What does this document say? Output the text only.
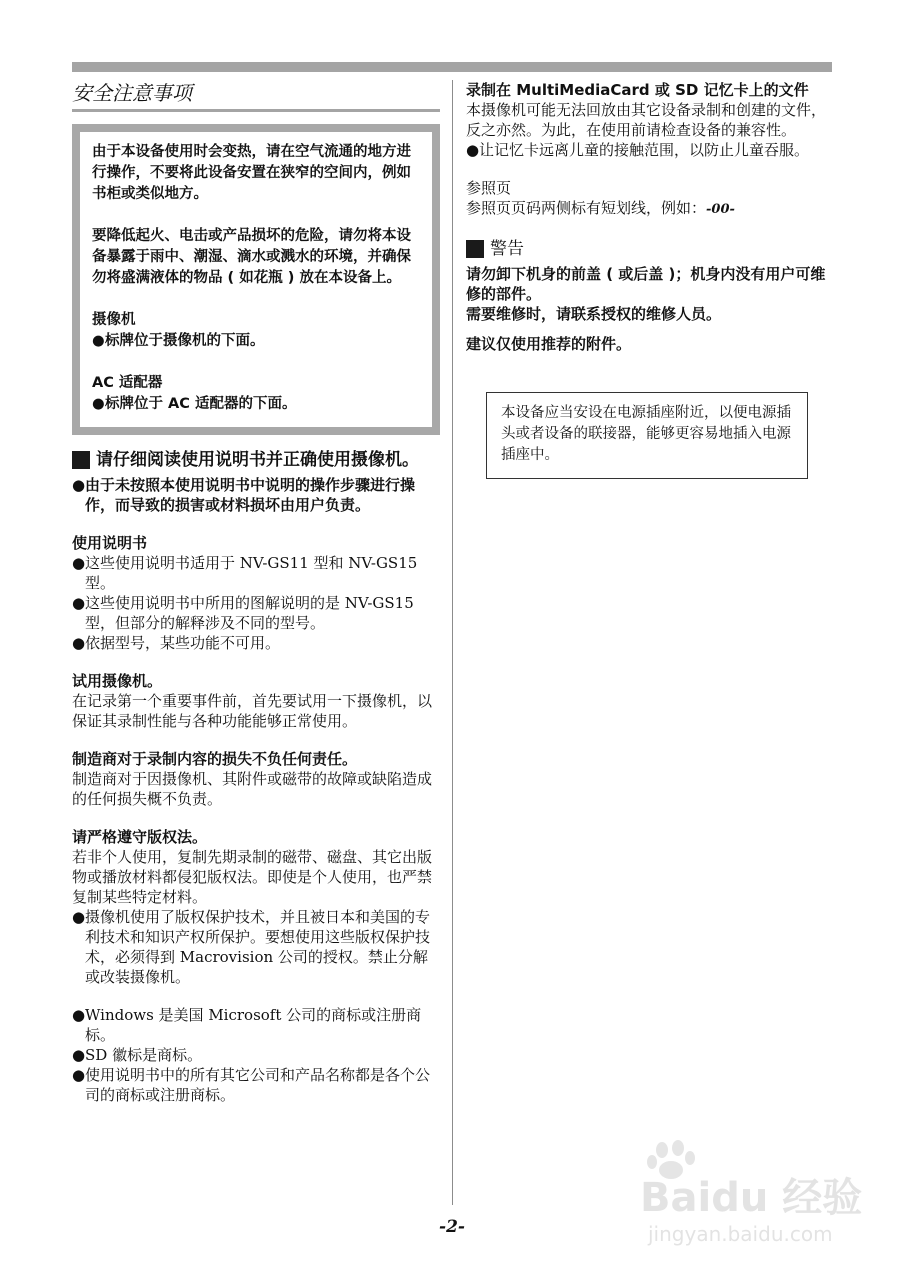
安全注意事项
由于本设备使用时会变热，请在空气流通的地方进行操作，不要将此设备安置在狭窄的空间内，例如书柜或类似地方。
要降低起火、电击或产品损坏的危险，请勿将本设备暴露于雨中、潮湿、滴水或溅水的环境，并确保勿将盛满液体的物品 ( 如花瓶 ) 放在本设备上。
摄像机
● 标牌位于摄像机的下面。
AC 适配器
● 标牌位于 AC 适配器的下面。
请仔细阅读使用说明书并正确使用摄像机。
● 由于未按照本使用说明书中说明的操作步骤进行操作，而导致的损害或材料损坏由用户负责。
使用说明书
● 这些使用说明书适用于 NV-GS11 型和 NV-GS15 型。
● 这些使用说明书中所用的图解说明的是 NV-GS15 型，但部分的解释涉及不同的型号。
● 依据型号，某些功能不可用。
试用摄像机。
在记录第一个重要事件前，首先要试用一下摄像机，以保证其录制性能与各种功能能够正常使用。
制造商对于录制内容的损失不负任何责任。
制造商对于因摄像机、其附件或磁带的故障或缺陷造成的任何损失概不负责。
请严格遵守版权法。
若非个人使用，复制先期录制的磁带、磁盘、其它出版物或播放材料都侵犯版权法。即使是个人使用，也严禁复制某些特定材料。
● 摄像机使用了版权保护技术，并且被日本和美国的专利技术和知识产权所保护。要想使用这些版权保护技术，必须得到 Macrovision 公司的授权。禁止分解或改装摄像机。
● Windows 是美国 Microsoft 公司的商标或注册商标。
● SD 徽标是商标。
● 使用说明书中的所有其它公司和产品名称都是各个公司的商标或注册商标。
录制在 MultiMediaCard 或 SD 记忆卡上的文件
本摄像机可能无法回放由其它设备录制和创建的文件，反之亦然。为此，在使用前请检查设备的兼容性。
● 让记忆卡远离儿童的接触范围，以防止儿童吞服。
参照页
参照页页码两侧标有短划线，例如：-00-
警告
请勿卸下机身的前盖 ( 或后盖 )；机身内没有用户可维修的部件。
需要维修时，请联系授权的维修人员。
建议仅使用推荐的附件。
本设备应当安设在电源插座附近，以便电源插头或者设备的联接器，能够更容易地插入电源插座中。
-2-
Baidu 经验
jingyan.baidu.com
